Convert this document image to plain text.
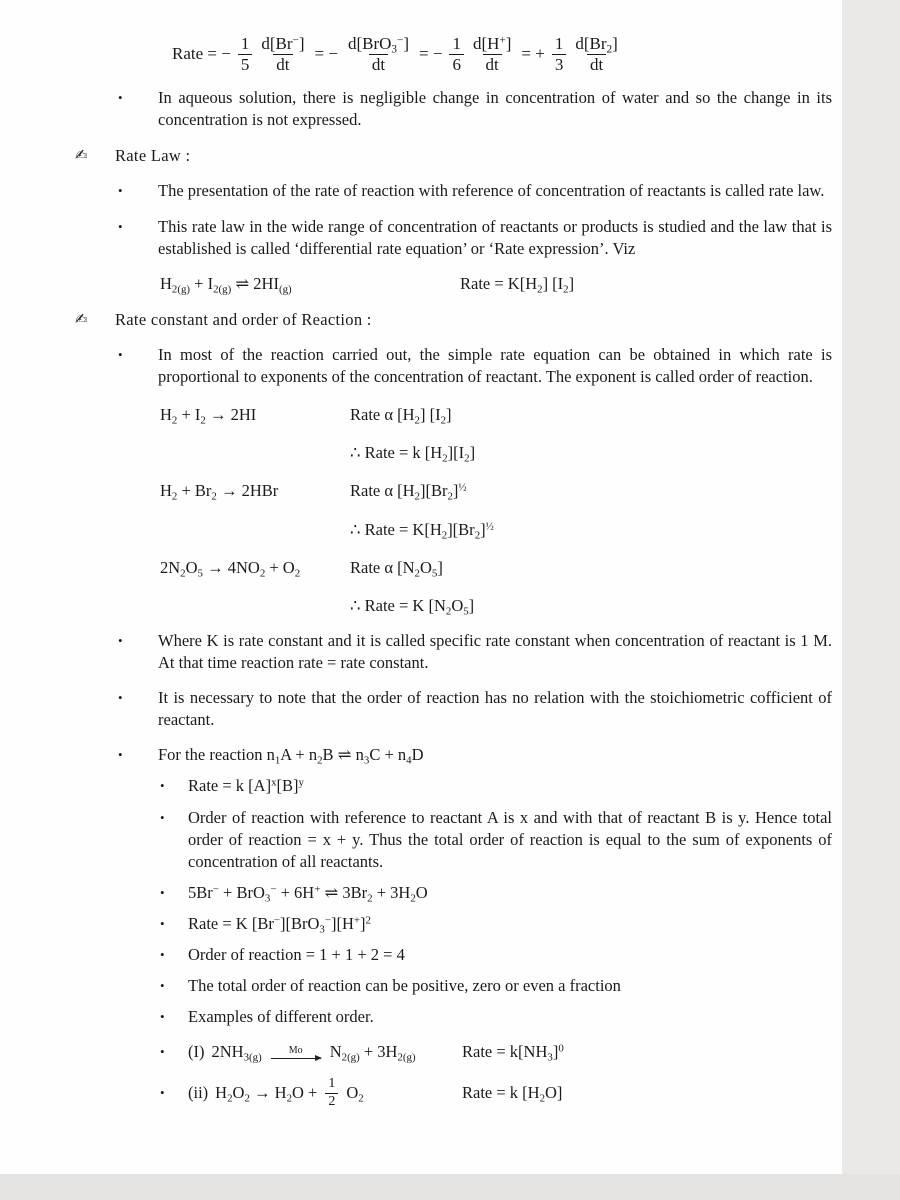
Rate = − $\frac{1}{5} \frac{d[Br^-]}{dt}$ = − $\frac{d[BrO_3^-]}{dt}$ = − $\frac{1}{6} \frac{d[H^+]}{dt}$ = + $\frac{1}{3} \frac{d[Br_2]}{dt}$
•
In aqueous solution, there is negligible change in concentration of water and so the change in its concentration is not expressed.
✍	Rate Law :
•
The presentation of the rate of reaction with reference of concentration of reactants is called rate law.
•
This rate law in the wide range of concentration of reactants or products is studied and the law that is established is called ‘differential rate equation’ or ‘Rate expression’. Viz
$H_{2(g)} + I_{2(g)}$ ⇌ $2HI_{(g)}$	Rate = $K[H_2]$ $[I_2]$
✍	Rate constant and order of Reaction :
•
In most of the reaction carried out, the simple rate equation can be obtained in which rate is proportional to exponents of the concentration of reactant. The exponent is called order of reaction.
$H_2 + I_2 \to 2HI$	Rate α $[H_2]$ $[I_2]$
∴ Rate = k $[H_2][I_2]$
$H_2 + Br_2 \to 2HBr$	Rate α $[H_2][Br_2]^{\frac{1}{2}}$
∴ Rate = $K[H_2][Br_2]^{\frac{1}{2}}$
$2N_2O_5 \to 4NO_2 + O_2$	Rate α $[N_2O_5]$
∴ Rate = K $[N_2O_5]$
•
Where K is rate constant and it is called specific rate constant when concentration of reactant is 1 M. At that time reaction rate = rate constant.
•
It is necessary to note that the order of reaction has no relation with the stoichiometric cofficient of reactant.
•
For the reaction $n_1A + n_2B$ ⇌ $n_3C + n_4D$
•
Rate = k $[A]^x[B]^y$
•
Order of reaction with reference to reactant A is x and with that of reactant B is y. Hence total order of reaction = x + y. Thus the total order of reaction is equal to the sum of exponents of concentration of all reactants.
•
5Br− + BrO$_3$− + 6H+ ⇌ $3Br_2 + 3H_2O$
•
Rate = K $[Br^-][BrO_3^-][H^+]^2$
•
Order of reaction = 1 + 1 + 2 = 4
•
The total order of reaction can be positive, zero or even a fraction
•
Examples of different order.
•
(I) $2NH_{3(g)}$
Mo $N_{2(g)} + 3H_{2(g)}$	Rate = $k[NH_3]^0$
•
(ii) $H_2O_2 \to H_2O + \frac{1}{2} O_2$	Rate = k $[H_2O]$
